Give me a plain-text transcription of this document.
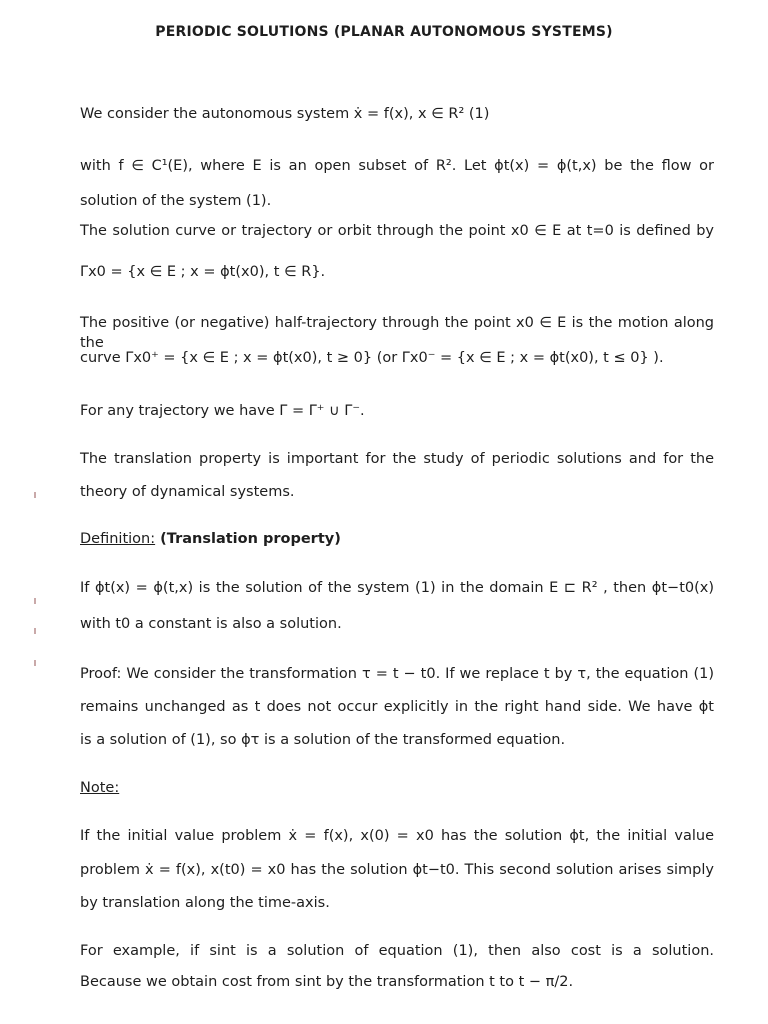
PERIODIC SOLUTIONS (PLANAR AUTONOMOUS SYSTEMS)
We consider the autonomous system ẋ = f(x), x ∈ R² (1)
with f ∈ C¹(E), where E is an open subset of R². Let ϕt(x) = ϕ(t,x) be the flow or
solution of the system (1).
The solution curve or trajectory or orbit through the point x0 ∈ E at t=0 is defined by
Γx0 = {x ∈ E ; x = ϕt(x0), t ∈ R}.
The positive (or negative) half-trajectory through the point x0 ∈ E is the motion along the
curve Γx0⁺ = {x ∈ E ; x = ϕt(x0), t ≥ 0} (or Γx0⁻ = {x ∈ E ; x = ϕt(x0), t ≤ 0} ).
For any trajectory we have Γ = Γ⁺ ∪ Γ⁻.
The translation property is important for the study of periodic solutions and for the
theory of dynamical systems.
Definition: (Translation property)
If ϕt(x) = ϕ(t,x) is the solution of the system (1) in the domain E ⊏ R² , then ϕt−t0(x)
with t0 a constant is also a solution.
Proof: We consider the transformation τ = t − t0. If we replace t by τ, the equation (1)
remains unchanged as t does not occur explicitly in the right hand side. We have ϕt
is a solution of (1), so ϕτ is a solution of the transformed equation.
Note:
If the initial value problem ẋ = f(x), x(0) = x0 has the solution ϕt, the initial value
problem ẋ = f(x), x(t0) = x0 has the solution ϕt−t0. This second solution arises simply
by translation along the time-axis.
For example, if sint is a solution of equation (1), then also cost is a solution.
Because we obtain cost from sint by the transformation t to t − π/2.
